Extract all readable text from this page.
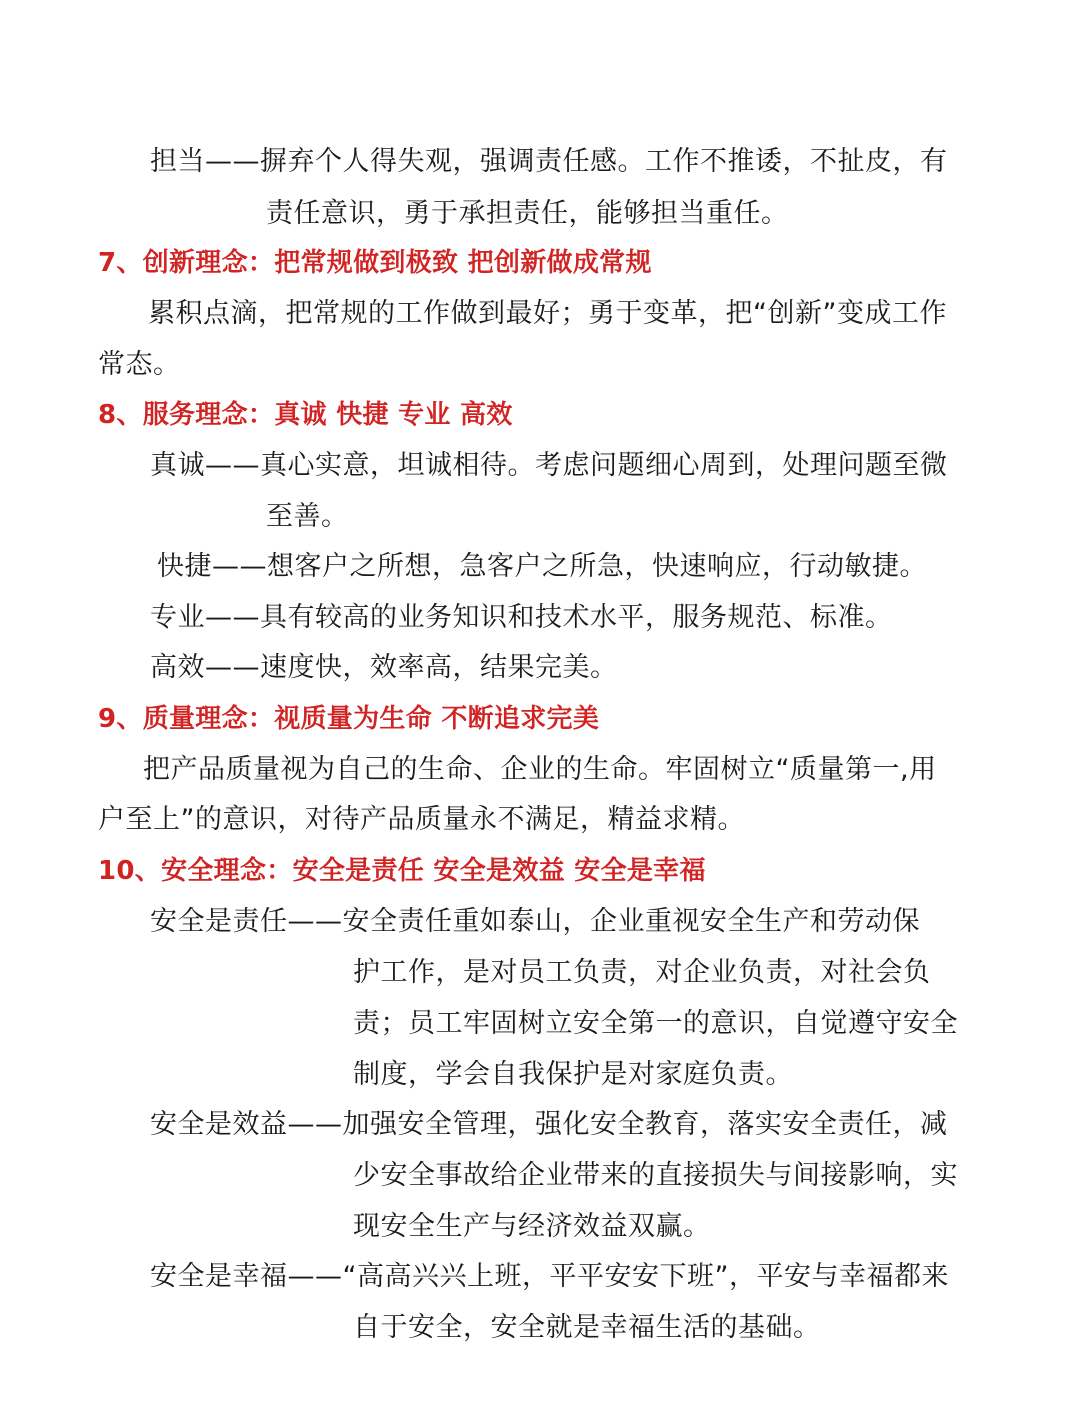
担当——摒弃个人得失观，强调责任感。工作不推诿，不扯皮，有
责任意识，勇于承担责任，能够担当重任。
7、创新理念：把常规做到极致 把创新做成常规
累积点滴，把常规的工作做到最好；勇于变革，把“创新”变成工作
常态。
8、服务理念：真诚 快捷 专业 高效
真诚——真心实意，坦诚相待。考虑问题细心周到，处理问题至微
至善。
快捷——想客户之所想，急客户之所急，快速响应，行动敏捷。
专业——具有较高的业务知识和技术水平，服务规范、标准。
高效——速度快，效率高，结果完美。
9、质量理念：视质量为生命 不断追求完美
把产品质量视为自己的生命、企业的生命。牢固树立“质量第一,用
户至上”的意识，对待产品质量永不满足，精益求精。
10、安全理念：安全是责任 安全是效益 安全是幸福
安全是责任——安全责任重如泰山，企业重视安全生产和劳动保
护工作，是对员工负责，对企业负责，对社会负
责；员工牢固树立安全第一的意识，自觉遵守安全
制度，学会自我保护是对家庭负责。
安全是效益——加强安全管理，强化安全教育，落实安全责任，减
少安全事故给企业带来的直接损失与间接影响，实
现安全生产与经济效益双赢。
安全是幸福——“高高兴兴上班，平平安安下班”，平安与幸福都来
自于安全，安全就是幸福生活的基础。
